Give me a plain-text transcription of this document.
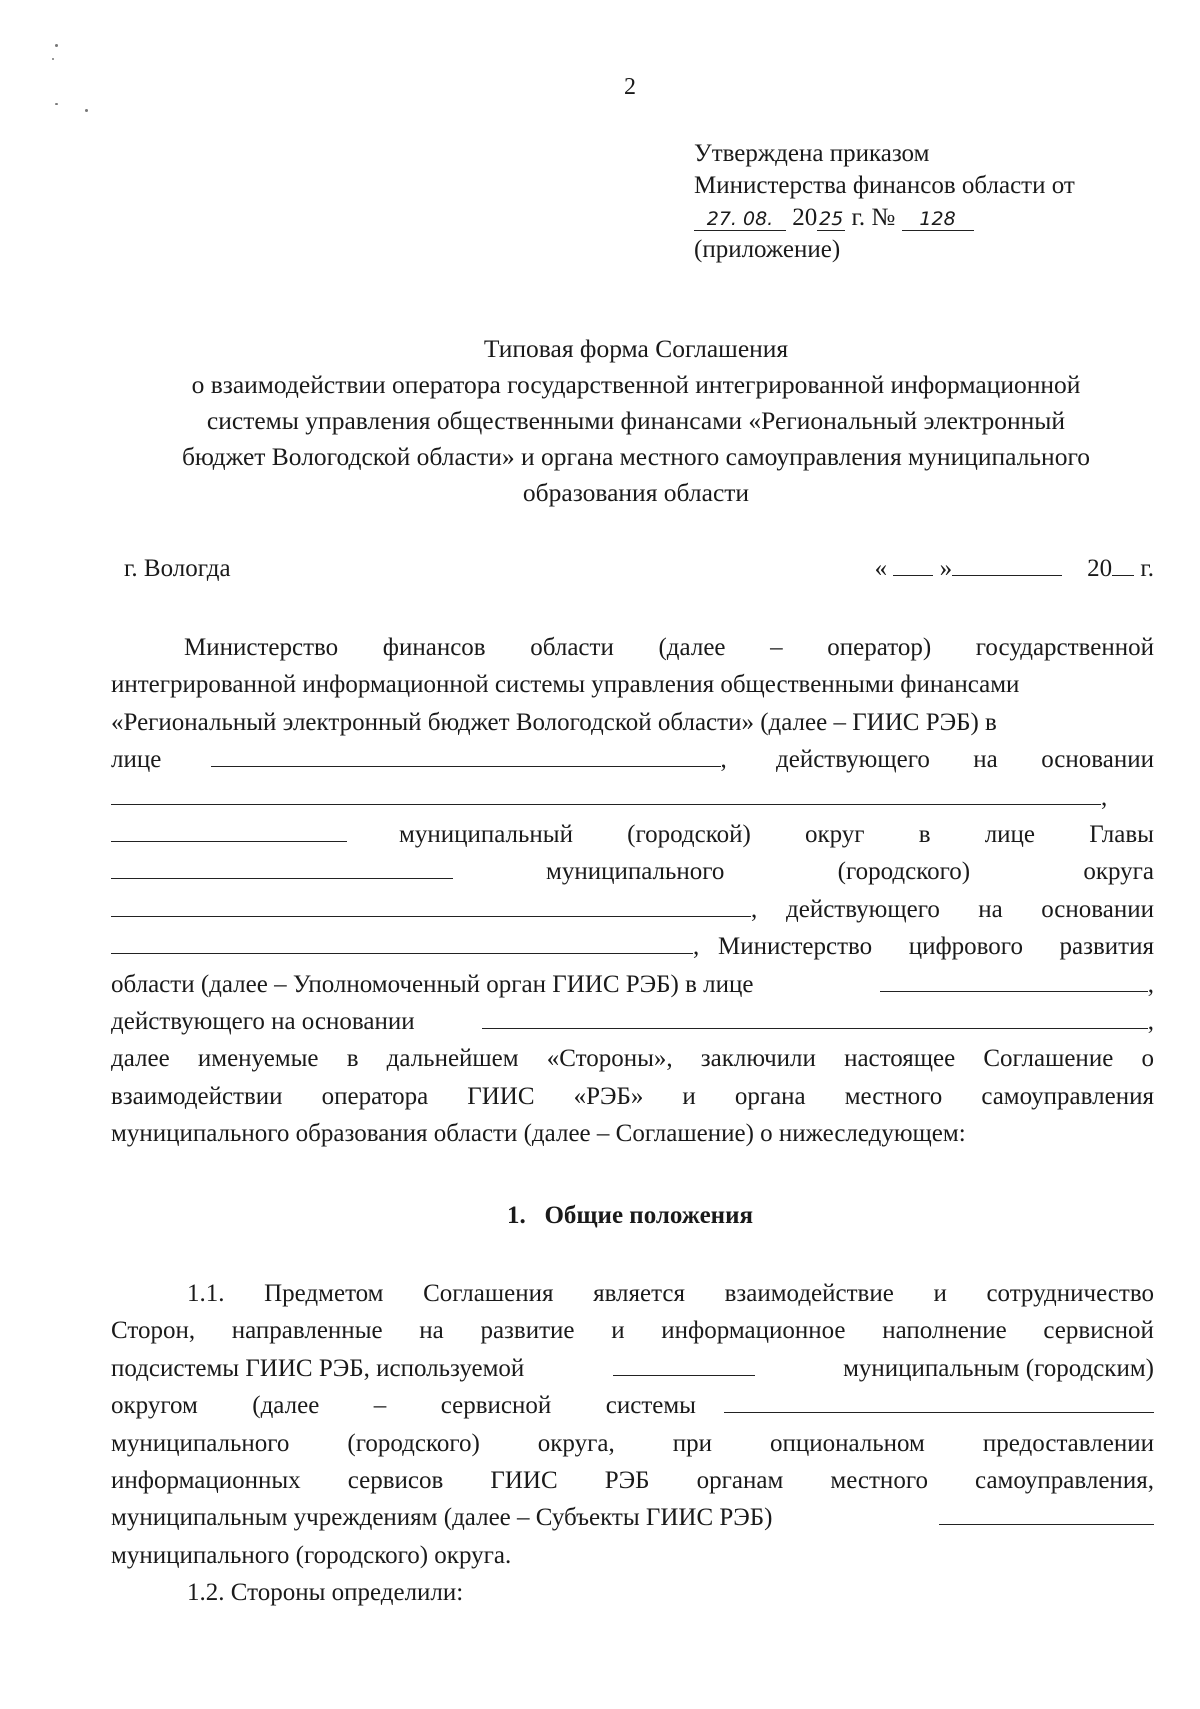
2
Утверждена приказом
Министерства финансов области от
27. 08. 20 25 г. № 128
(приложение)
Типовая форма Соглашения
о взаимодействии оператора государственной интегрированной информационной
системы управления общественными финансами «Региональный электронный
бюджет Вологодской области» и органа местного самоуправления муниципального
образования области
г. Вологда	« »	20 г.
Министерство финансов области (далее – оператор) государственной
интегрированной информационной системы управления общественными финансами
«Региональный электронный бюджет Вологодской области» (далее – ГИИС РЭБ) в
лице	, действующего на основании
,
муниципальный (городской) округ в лице Главы
муниципального	(городского)	округа
, действующего на основании
, Министерство цифрового развития
области (далее – Уполномоченный орган ГИИС РЭБ) в лице	,
действующего на основании	,
далее именуемые в дальнейшем «Стороны», заключили настоящее Соглашение о
взаимодействии оператора ГИИС «РЭБ» и органа местного самоуправления
муниципального образования области (далее – Соглашение) о нижеследующем:
1. Общие положения
1.1. Предметом Соглашения является взаимодействие и сотрудничество
Сторон, направленные на развитие и информационное наполнение сервисной
подсистемы ГИИС РЭБ, используемой	муниципальным (городским)
округом (далее – сервисной системы
муниципального (городского) округа, при опциональном предоставлении
информационных сервисов ГИИС РЭБ органам местного самоуправления,
муниципальным учреждениям (далее – Субъекты ГИИС РЭБ)
муниципального (городского) округа.
1.2. Стороны определили:
